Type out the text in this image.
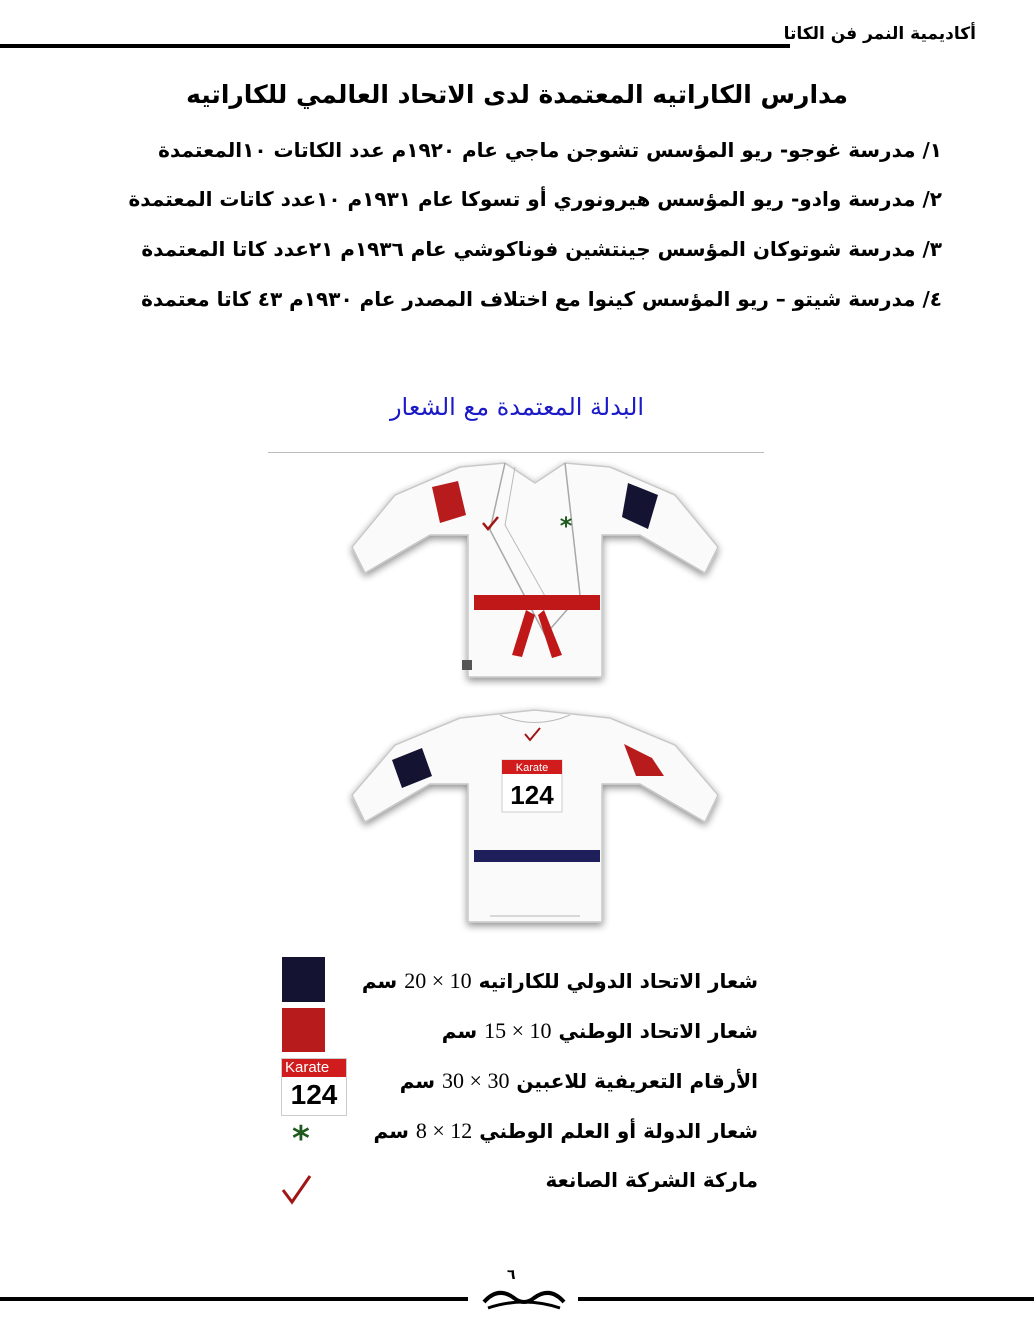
أكاديمية النمر فن الكاتا
مدارس الكاراتيه المعتمدة لدى الاتحاد العالمي للكاراتيه
١/ مدرسة غوجو- ريو المؤسس تشوجن ماجي عام ١٩٢٠م عدد الكاتات ١٠المعتمدة
٢/ مدرسة وادو- ريو المؤسس هيرونوري أو تسوكا عام ١٩٣١م ١٠عدد كاتات المعتمدة
٣/ مدرسة شوتوكان المؤسس جينتشين فوناكوشي عام ١٩٣٦م ٢١عدد كاتا المعتمدة
٤/ مدرسة شيتو – ريو المؤسس كينوا مع اختلاف المصدر عام ١٩٣٠م ٤٣ كاتا معتمدة
البدلة المعتمدة مع الشعار
*
Karate
124
Karate
124
*
شعار الاتحاد الدولي للكاراتيه 10 × 20 سم
شعار الاتحاد الوطني 10 × 15 سم
الأرقام التعريفية للاعبين 30 × 30 سم
شعار الدولة أو العلم الوطني 12 × 8 سم
ماركة الشركة الصانعة
٦
